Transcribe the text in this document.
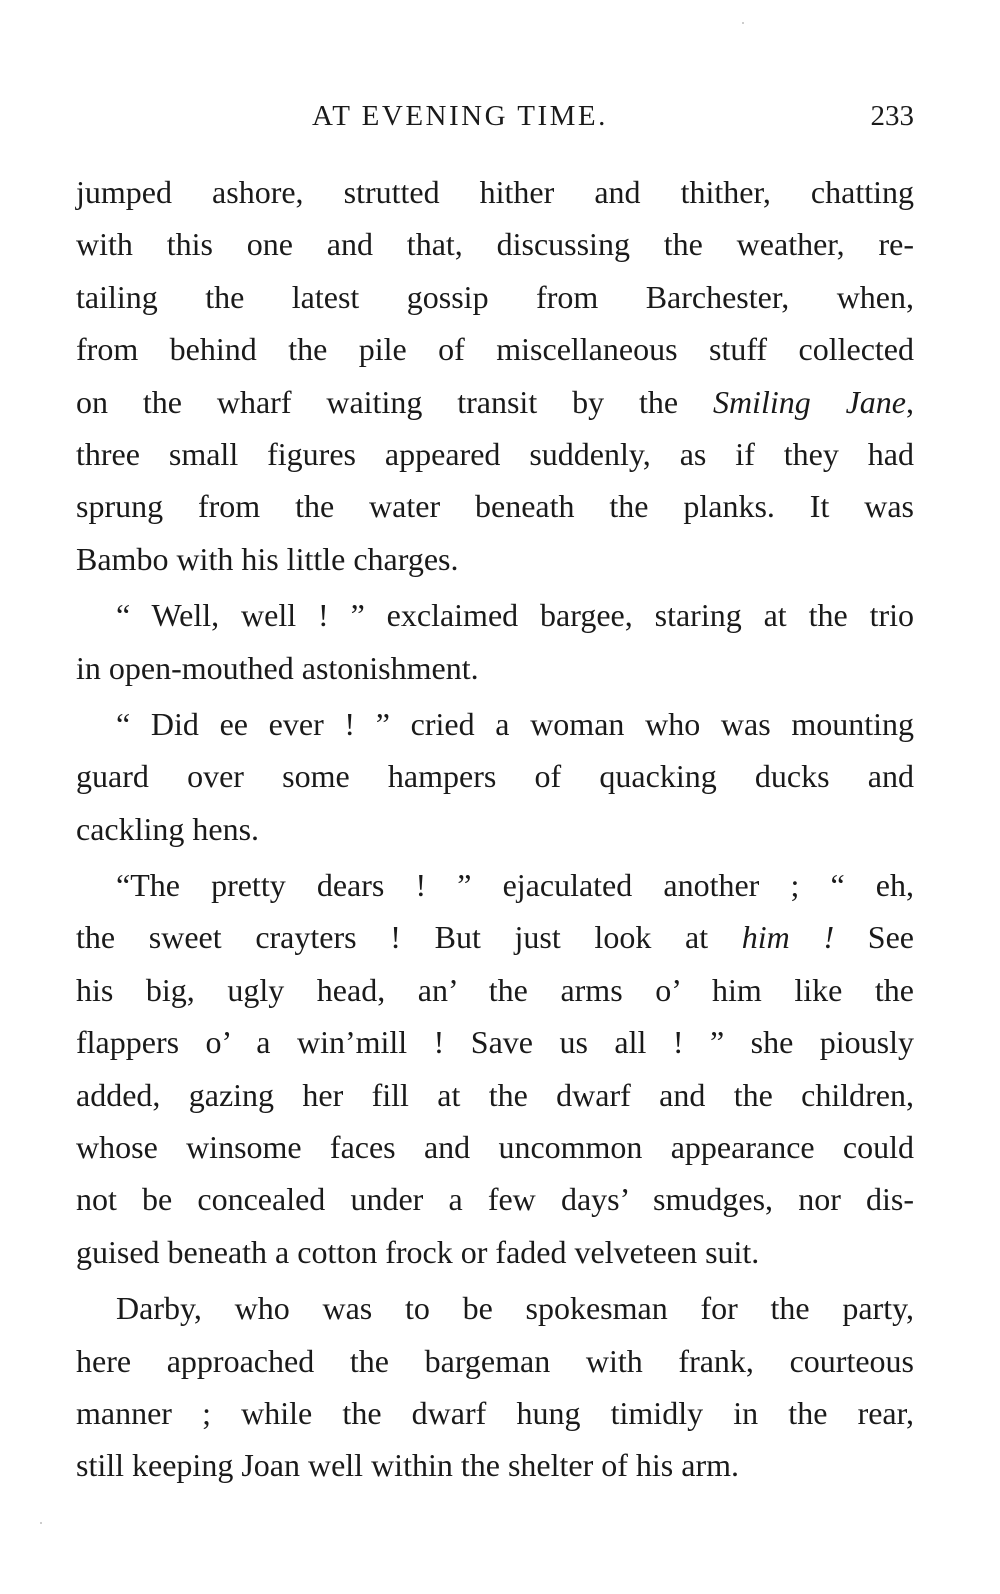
AT EVENING TIME.	233
jumped ashore, strutted hither and thither, chatting
with this one and that, discussing the weather, re-
tailing the latest gossip from Barchester, when,
from behind the pile of miscellaneous stuff collected
on the wharf waiting transit by the Smiling Jane,
three small figures appeared suddenly, as if they had
sprung from the water beneath the planks. It was
Bambo with his little charges.
“ Well, well ! ” exclaimed bargee, staring at the trio
in open-mouthed astonishment.
“ Did ee ever ! ” cried a woman who was mounting
guard over some hampers of quacking ducks and
cackling hens.
“The pretty dears ! ” ejaculated another ; “ eh,
the sweet crayters ! But just look at him ! See
his big, ugly head, an’ the arms o’ him like the
flappers o’ a win’mill ! Save us all ! ” she piously
added, gazing her fill at the dwarf and the children,
whose winsome faces and uncommon appearance could
not be concealed under a few days’ smudges, nor dis-
guised beneath a cotton frock or faded velveteen suit.
Darby, who was to be spokesman for the party,
here approached the bargeman with frank, courteous
manner ; while the dwarf hung timidly in the rear,
still keeping Joan well within the shelter of his arm.
